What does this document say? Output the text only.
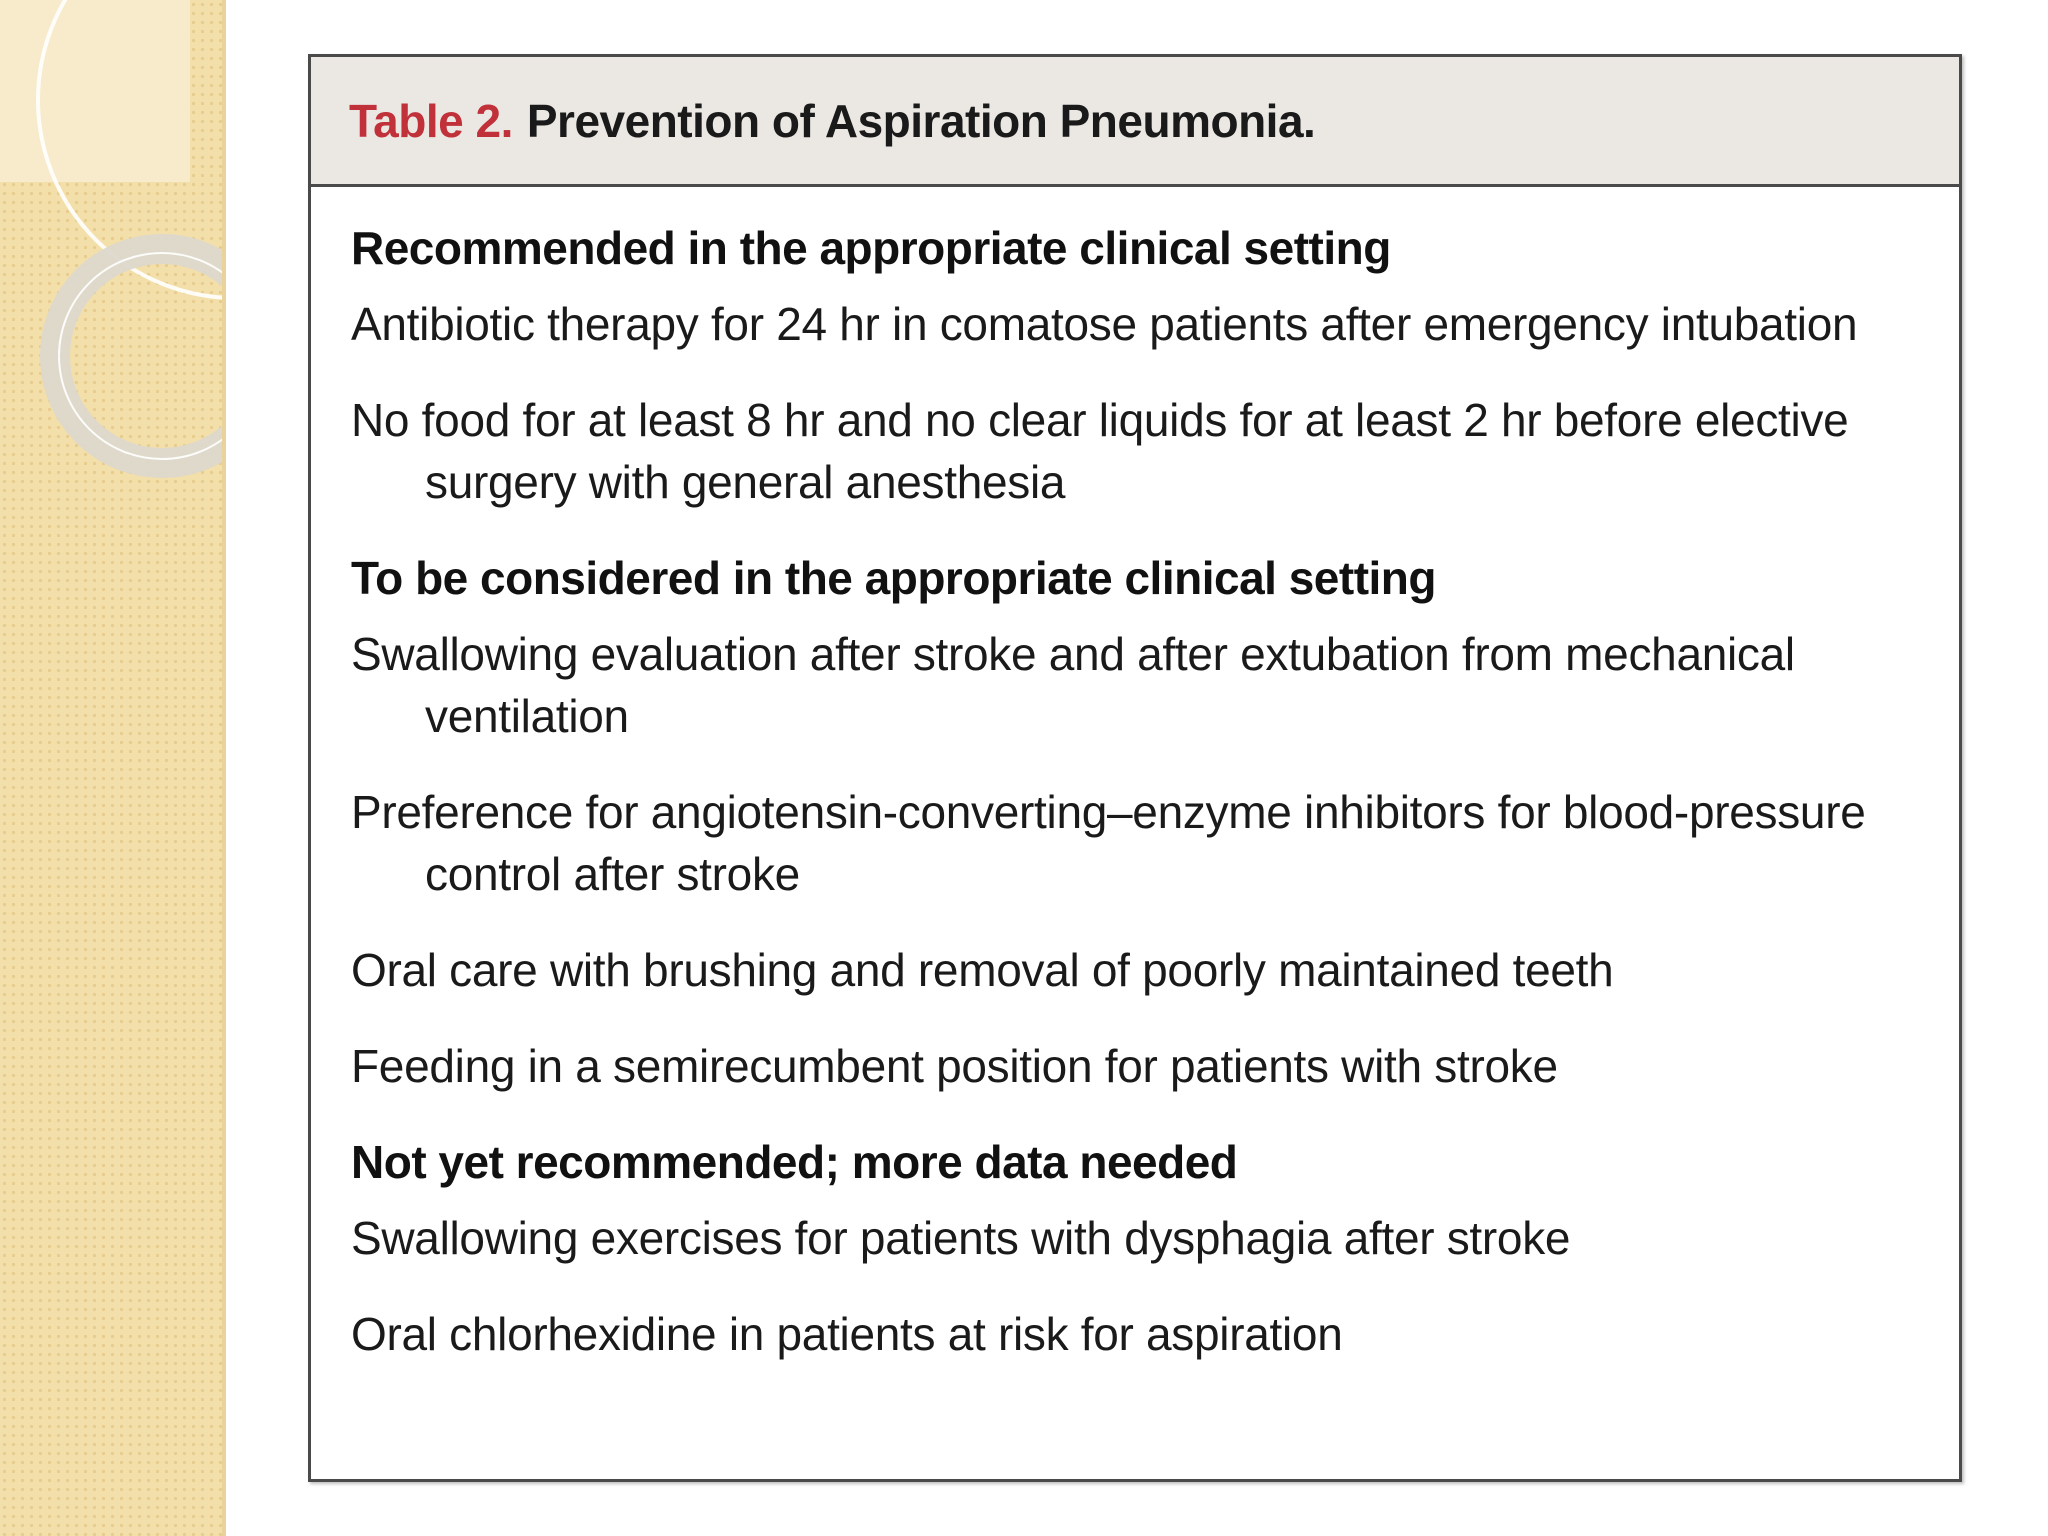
Table 2. Prevention of Aspiration Pneumonia.
Recommended in the appropriate clinical setting
Antibiotic therapy for 24 hr in comatose patients after emergency intubation
No food for at least 8 hr and no clear liquids for at least 2 hr before elective surgery with general anesthesia
To be considered in the appropriate clinical setting
Swallowing evaluation after stroke and after extubation from mechanical ventilation
Preference for angiotensin-converting–enzyme inhibitors for blood-pressure control after stroke
Oral care with brushing and removal of poorly maintained teeth
Feeding in a semirecumbent position for patients with stroke
Not yet recommended; more data needed
Swallowing exercises for patients with dysphagia after stroke
Oral chlorhexidine in patients at risk for aspiration
